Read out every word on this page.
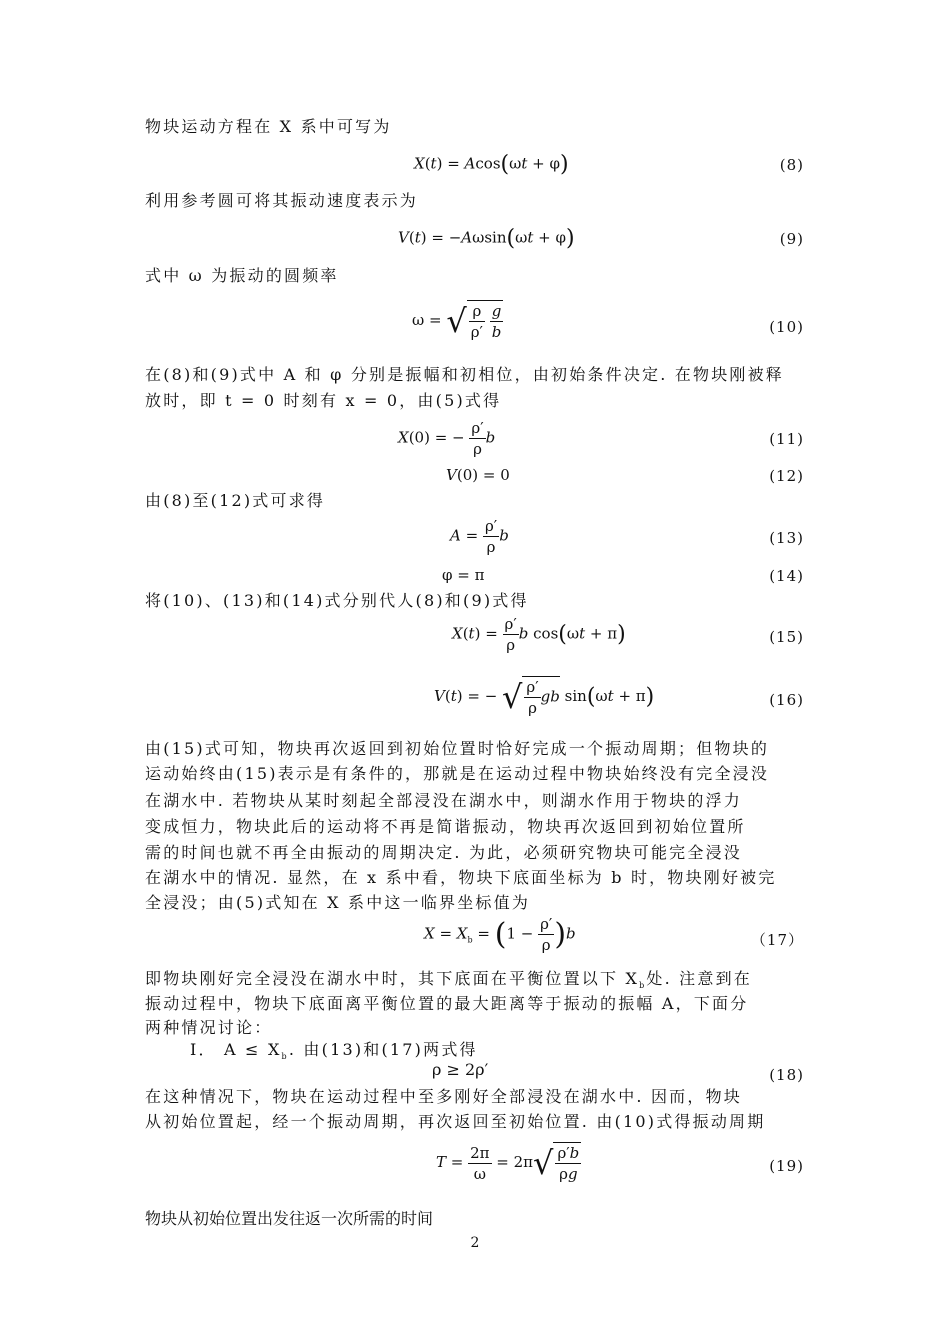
物块运动方程在 X 系中可写为
X(t) = Acos(ωt + φ)	(8)
利用参考圆可将其振动速度表示为
V(t) = −Aωsin(ωt + φ)	(9)
式中 ω 为振动的圆频率
ω = √ $\frac{\rho}{\rho'}$
$\frac{g}{b}$	(10)
在(8)和(9)式中 A 和 φ 分别是振幅和初相位，由初始条件决定. 在物块刚被释
放时，即 t = 0 时刻有 x = 0，由(5)式得
X(0) = − $\frac{\rho'}{\rho}$ b	(11)
V(0) = 0	(12)
由(8)至(12)式可求得
$A = \frac{\rho'}{\rho}$ b	(13)
φ = π	(14)
将(10)、(13)和(14)式分别代人(8)和(9)式得
$X(t) = \frac{\rho'}{\rho}$ b cos(ωt + π)	(15)
V(t) = − √ $\frac{\rho'}{\rho}$ gb sin(ωt + π)	(16)
由(15)式可知，物块再次返回到初始位置时恰好完成一个振动周期；但物块的
运动始终由(15)表示是有条件的，那就是在运动过程中物块始终没有完全浸没
在湖水中. 若物块从某时刻起全部浸没在湖水中，则湖水作用于物块的浮力
变成恒力，物块此后的运动将不再是简谐振动，物块再次返回到初始位置所
需的时间也就不再全由振动的周期决定. 为此，必须研究物块可能完全浸没
在湖水中的情况. 显然，在 x 系中看，物块下底面坐标为 b 时，物块刚好被完
全浸没；由(5)式知在 X 系中这一临界坐标值为
$X = X_b = (1 - \frac{\rho'}{\rho} )b$	（17）
即物块刚好完全浸没在湖水中时，其下底面在平衡位置以下 $X_b$处. 注意到在
振动过程中，物块下底面离平衡位置的最大距离等于振动的振幅 A，下面分
两种情况讨论：
I． $A \le X_b$. 由(13)和(17)两式得
ρ ≥ 2ρ′	(18)
在这种情况下，物块在运动过程中至多刚好全部浸没在湖水中. 因而，物块
从初始位置起，经一个振动周期，再次返回至初始位置. 由(10)式得振动周期
$T = \frac{2\pi}{\omega} = 2\pi√ \frac{\rho'b}{\rho g}$	(19)
物块从初始位置出发往返一次所需的时间
2
